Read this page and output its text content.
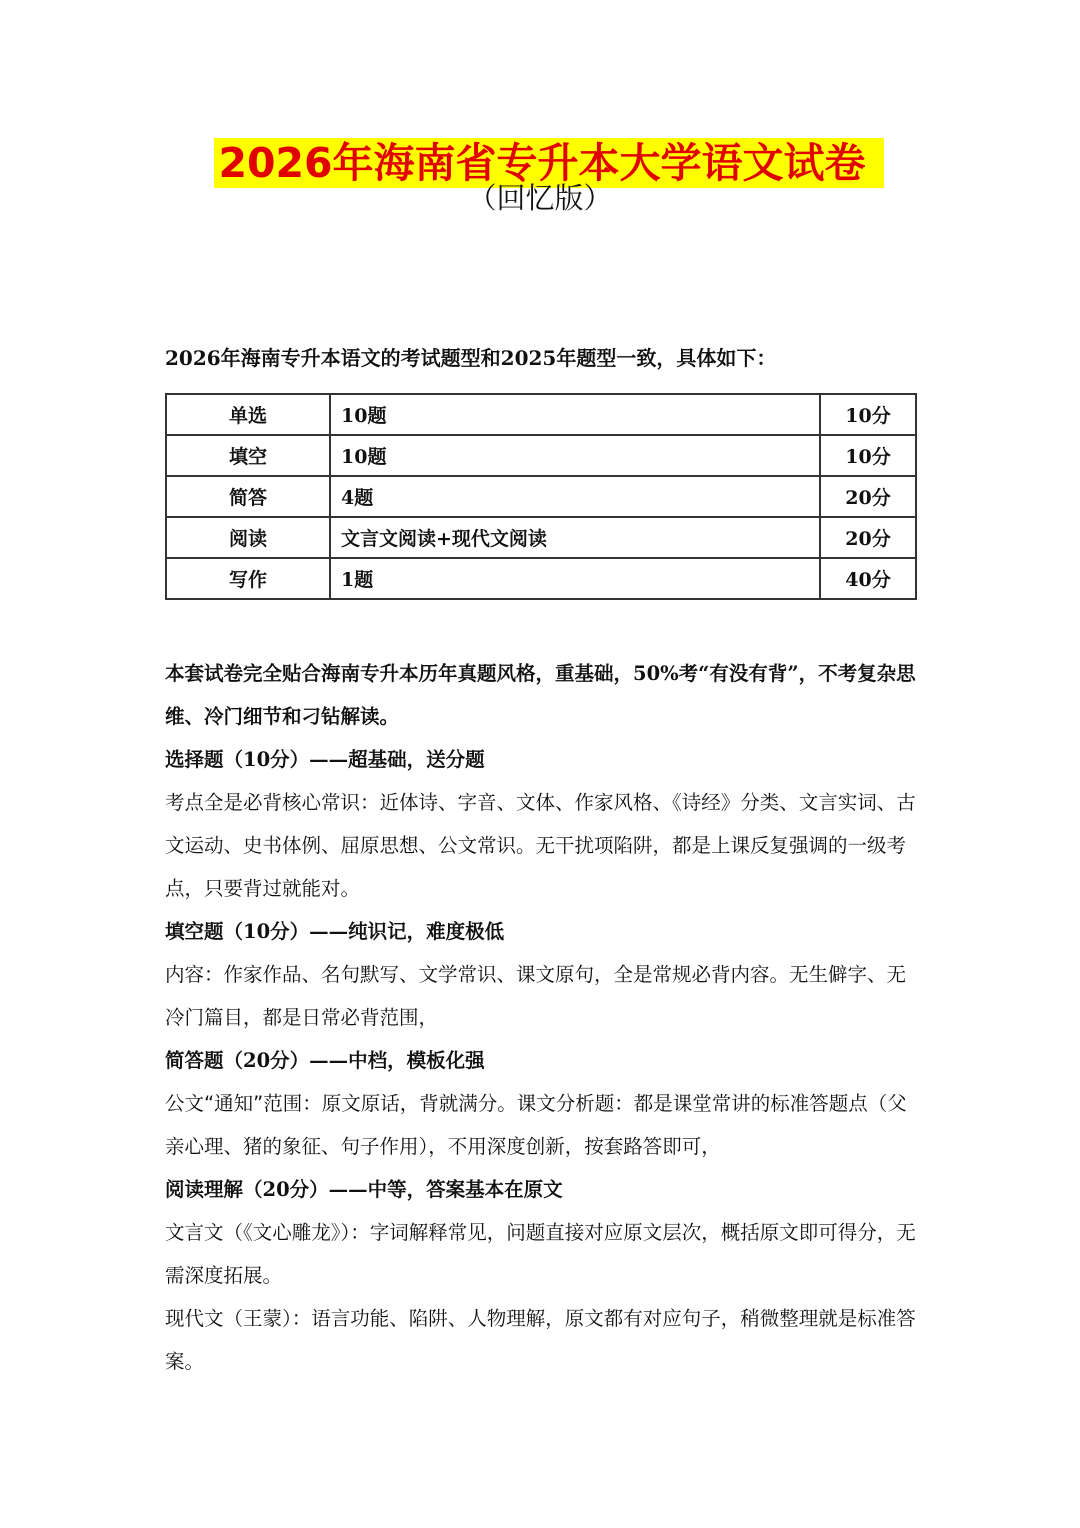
2026年海南省专升本大学语文试卷
（回忆版）
2026年海南专升本语文的考试题型和2025年题型一致，具体如下：
单选	10题	10分
填空	10题	10分
简答	4题	20分
阅读	文言文阅读+现代文阅读	20分
写作	1题	40分

本套试卷完全贴合海南专升本历年真题风格，重基础，50%考“有没有背”，不考复杂思维、冷门细节和刁钻解读。

选择题（10分）——超基础，送分题

考点全是必背核心常识：近体诗、字音、文体、作家风格、《诗经》分类、文言实词、古文运动、史书体例、屈原思想、公文常识。无干扰项陷阱，都是上课反复强调的一级考点，只要背过就能对。

填空题（10分）——纯识记，难度极低

内容：作家作品、名句默写、文学常识、课文原句，全是常规必背内容。无生僻字、无冷门篇目，都是日常必背范围，

简答题（20分）——中档，模板化强

公文“通知”范围：原文原话，背就满分。课文分析题：都是课堂常讲的标准答题点（父亲心理、猪的象征、句子作用），不用深度创新，按套路答即可，

阅读理解（20分）——中等，答案基本在原文

文言文（《文心雕龙》）：字词解释常见，问题直接对应原文层次，概括原文即可得分，无需深度拓展。

现代文（王蒙）：语言功能、陷阱、人物理解，原文都有对应句子，稍微整理就是标准答案。
